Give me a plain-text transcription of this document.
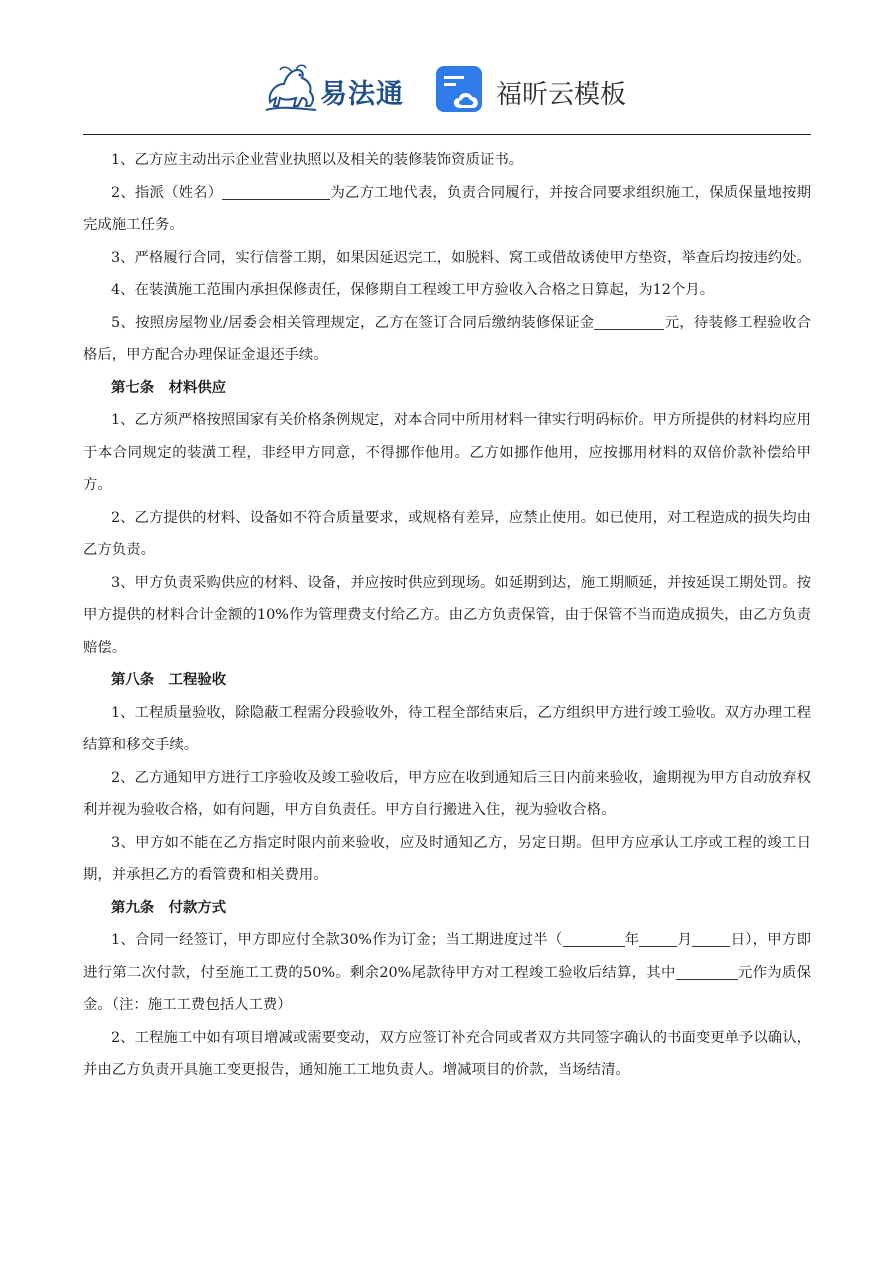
易法通	福昕云模板

1、乙方应主动出示企业营业执照以及相关的装修装饰资质证书。

2、指派（姓名）	为乙方工地代表，负责合同履行，并按合同要求组织施工，保质保量地按期完成施工任务。

3、严格履行合同，实行信誉工期，如果因延迟完工，如脱料、窝工或借故诱使甲方垫资，举查后均按违约处。

4、在装潢施工范围内承担保修责任，保修期自工程竣工甲方验收入合格之日算起，为12个月。

5、按照房屋物业/居委会相关管理规定，乙方在签订合同后缴纳装修保证金	元，待装修工程验收合格后，甲方配合办理保证金退还手续。

第七条　材料供应

1、乙方须严格按照国家有关价格条例规定，对本合同中所用材料一律实行明码标价。甲方所提供的材料均应用于本合同规定的装潢工程，非经甲方同意，不得挪作他用。乙方如挪作他用，应按挪用材料的双倍价款补偿给甲方。

2、乙方提供的材料、设备如不符合质量要求，或规格有差异，应禁止使用。如已使用，对工程造成的损失均由乙方负责。

3、甲方负责采购供应的材料、设备，并应按时供应到现场。如延期到达，施工期顺延，并按延误工期处罚。按甲方提供的材料合计金额的10%作为管理费支付给乙方。由乙方负责保管，由于保管不当而造成损失，由乙方负责赔偿。

第八条　工程验收

1、工程质量验收，除隐蔽工程需分段验收外，待工程全部结束后，乙方组织甲方进行竣工验收。双方办理工程结算和移交手续。

2、乙方通知甲方进行工序验收及竣工验收后，甲方应在收到通知后三日内前来验收，逾期视为甲方自动放弃权利并视为验收合格，如有问题，甲方自负责任。甲方自行搬进入住，视为验收合格。

3、甲方如不能在乙方指定时限内前来验收，应及时通知乙方，另定日期。但甲方应承认工序或工程的竣工日期，并承担乙方的看管费和相关费用。

第九条　付款方式

1、合同一经签订，甲方即应付全款30%作为订金；当工期进度过半（	年	月	日），甲方即进行第二次付款，付至施工工费的50%。剩余20%尾款待甲方对工程竣工验收后结算，其中	元作为质保金。（注：施工工费包括人工费）

2、工程施工中如有项目增减或需要变动，双方应签订补充合同或者双方共同签字确认的书面变更单予以确认，并由乙方负责开具施工变更报告，通知施工工地负责人。增减项目的价款，当场结清。
